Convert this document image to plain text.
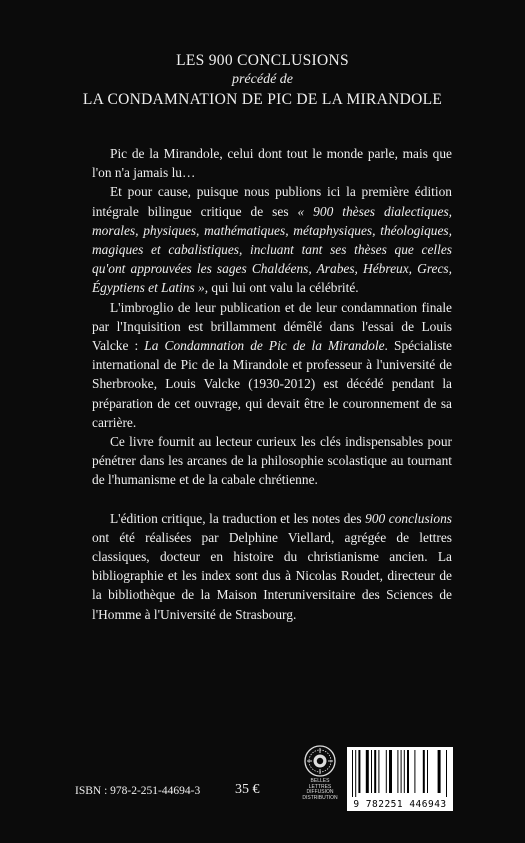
LES 900 CONCLUSIONS
précédé de
LA CONDAMNATION DE PIC DE LA MIRANDOLE

Pic de la Mirandole, celui dont tout le monde parle, mais que l'on n'a jamais lu…

Et pour cause, puisque nous publions ici la première édition intégrale bilingue critique de ses « 900 thèses dialectiques, morales, physiques, mathématiques, métaphysiques, théologiques, magiques et cabalistiques, incluant tant ses thèses que celles qu'ont approuvées les sages Chaldéens, Arabes, Hébreux, Grecs, Égyptiens et Latins », qui lui ont valu la célébrité.

L'imbroglio de leur publication et de leur condamnation finale par l'Inquisition est brillamment démêlé dans l'essai de Louis Valcke : La Condamnation de Pic de la Mirandole. Spécialiste international de Pic de la Mirandole et professeur à l'université de Sherbrooke, Louis Valcke (1930-2012) est décédé pendant la préparation de cet ouvrage, qui devait être le couronnement de sa carrière.

Ce livre fournit au lecteur curieux les clés indispensables pour pénétrer dans les arcanes de la philosophie scolastique au tournant de l'humanisme et de la cabale chrétienne.

L'édition critique, la traduction et les notes des 900 conclusions ont été réalisées par Delphine Viellard, agrégée de lettres classiques, docteur en histoire du christianisme ancien. La bibliographie et les index sont dus à Nicolas Roudet, directeur de la bibliothèque de la Maison Interuniversitaire des Sciences de l'Homme à l'Université de Strasbourg.

ISBN : 978-2-251-44694-3 35 €
BELLES LETTRES
DIFFUSION
DISTRIBUTION
9 782251 446943
